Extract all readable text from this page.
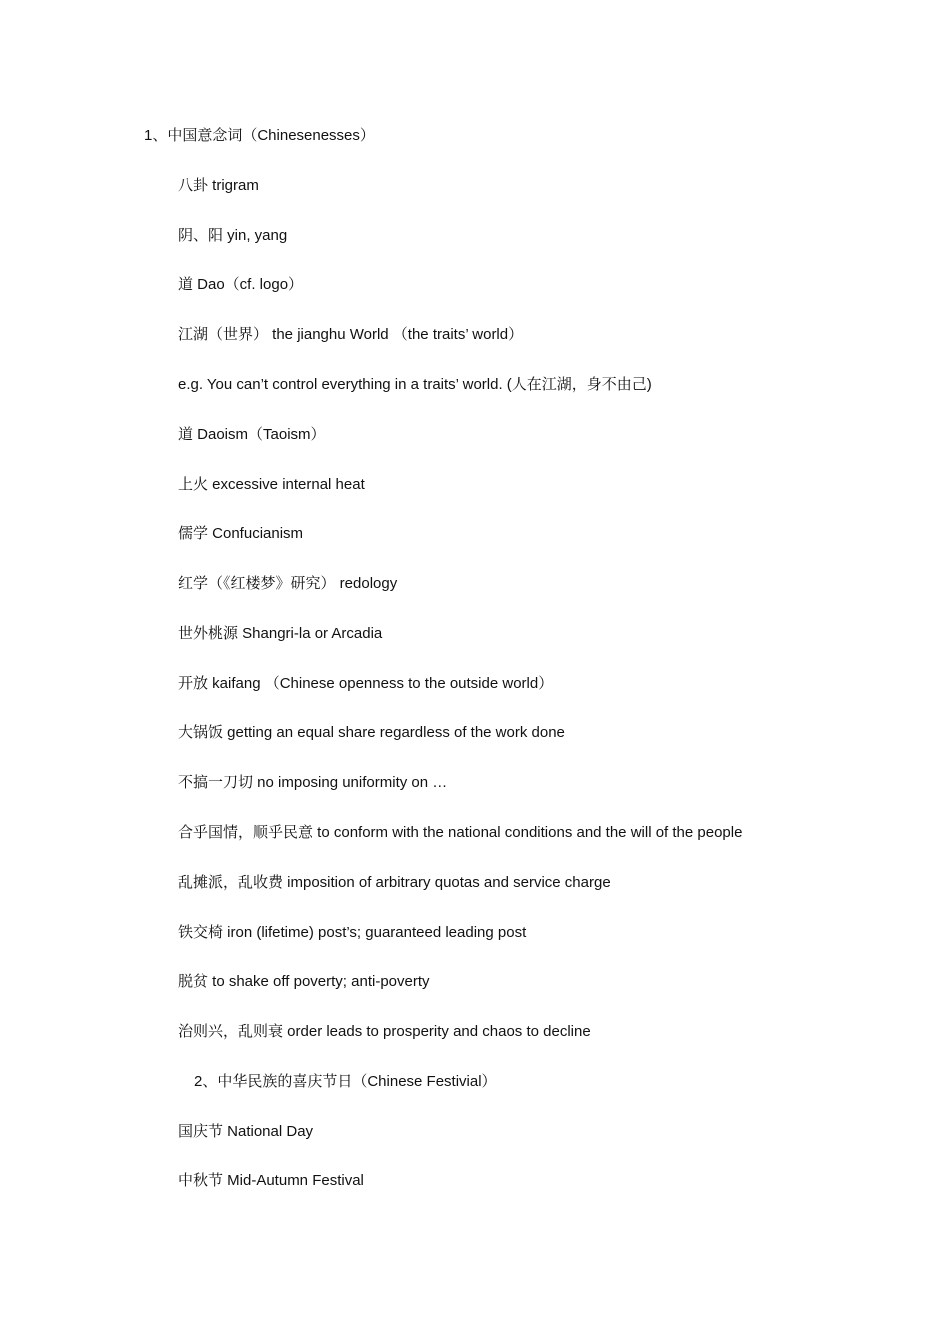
1、中国意念词（Chinesenesses）
八卦 trigram
阴、阳 yin, yang
道 Dao（cf. logo）
江湖（世界） the jianghu World （the traits’ world）
e.g. You can’t control everything in a traits’ world. (人在江湖，身不由己)
道 Daoism（Taoism）
上火 excessive internal heat
儒学 Confucianism
红学（《红楼梦》研究） redology
世外桃源 Shangri-la or Arcadia
开放 kaifang （Chinese openness to the outside world）
大锅饭 getting an equal share regardless of the work done
不搞一刀切 no imposing uniformity on …
合乎国情，顺乎民意 to conform with the national conditions and the will of the people
乱摊派，乱收费 imposition of arbitrary quotas and service charge
铁交椅 iron (lifetime) post’s; guaranteed leading post
脱贫 to shake off poverty; anti-poverty
治则兴，乱则衰 order leads to prosperity and chaos to decline
2、中华民族的喜庆节日（Chinese Festivial）
国庆节 National Day
中秋节 Mid-Autumn Festival
